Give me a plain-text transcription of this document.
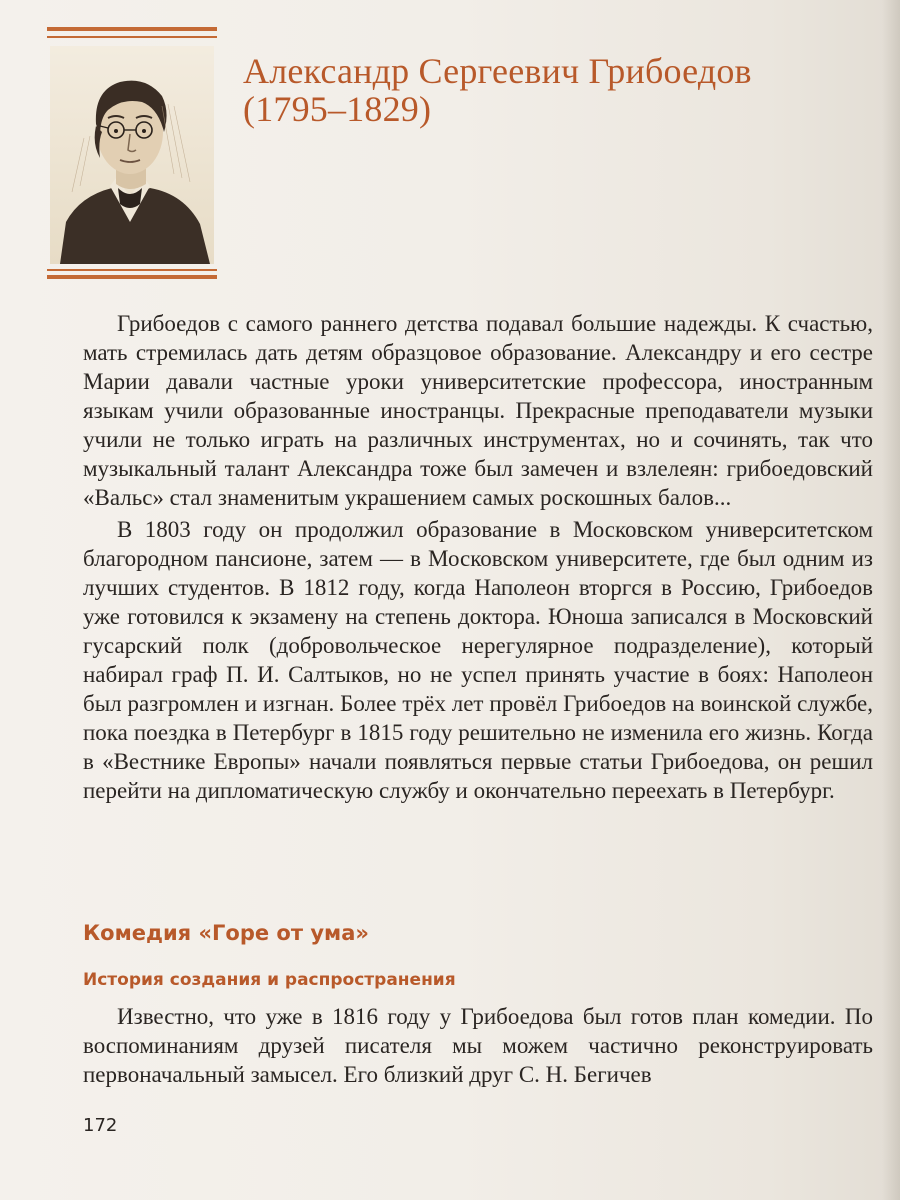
Александр Сергеевич Грибоедов
(1795–1829)

Грибоедов с самого раннего детства подавал большие надежды. К счастью, мать стремилась дать детям образцовое образование. Александру и его сестре Марии давали частные уроки университетские профессора, иностранным языкам учили образованные иностранцы. Прекрасные преподаватели музыки учили не только играть на различных инструментах, но и сочинять, так что музыкальный талант Александра тоже был замечен и взлелеян: грибоедовский «Вальс» стал знаменитым украшением самых роскошных балов...

В 1803 году он продолжил образование в Московском университетском благородном пансионе, затем — в Московском университете, где был одним из лучших студентов. В 1812 году, когда Наполеон вторгся в Россию, Грибоедов уже готовился к экзамену на степень доктора. Юноша записался в Московский гусарский полк (добровольческое нерегулярное подразделение), который набирал граф П. И. Салтыков, но не успел принять участие в боях: Наполеон был разгромлен и изгнан. Более трёх лет провёл Грибоедов на воинской службе, пока поездка в Петербург в 1815 году решительно не изменила его жизнь. Когда в «Вестнике Европы» начали появляться первые статьи Грибоедова, он решил перейти на дипломатическую службу и окончательно переехать в Петербург.

Комедия «Горе от ума»
История создания и распространения

Известно, что уже в 1816 году у Грибоедова был готов план комедии. По воспоминаниям друзей писателя мы можем частично реконструировать первоначальный замысел. Его близкий друг С. Н. Бегичев

172
